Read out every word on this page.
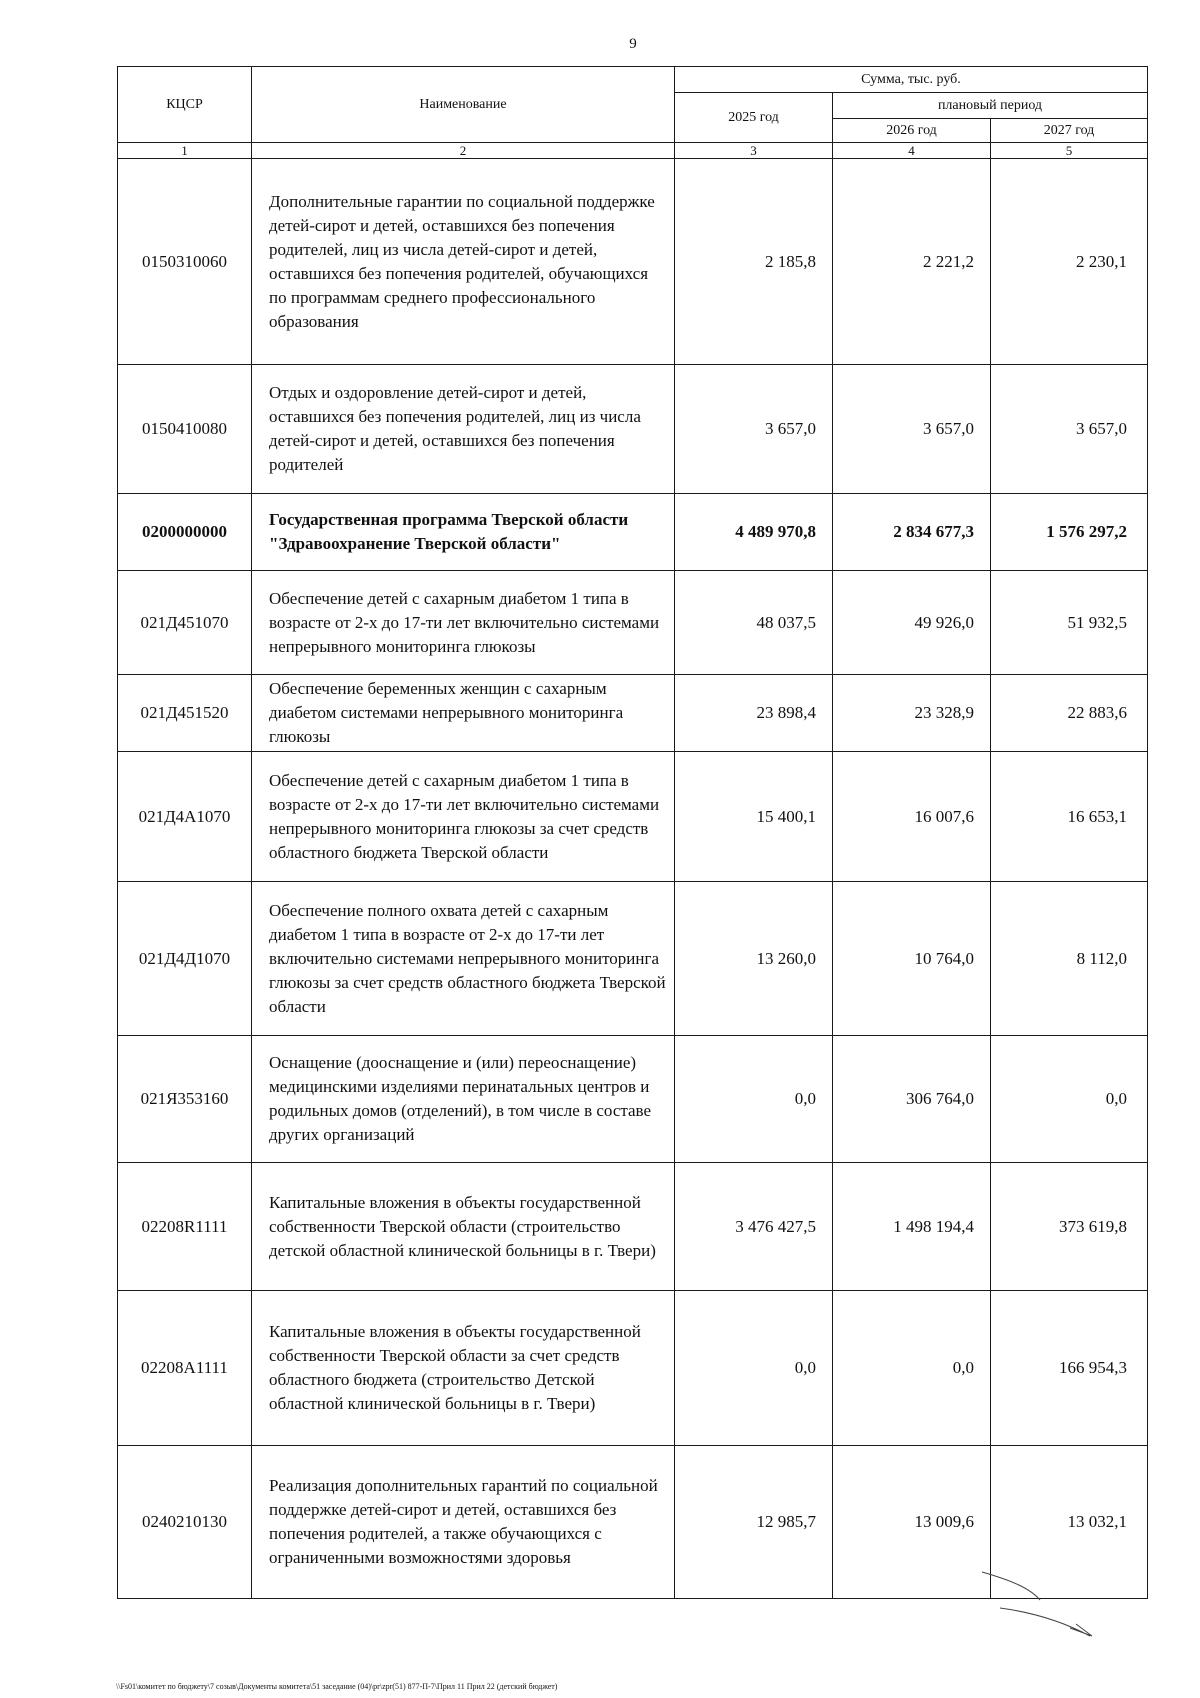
9
КЦСР	Наименование	Сумма, тыс. руб.		
		2025 год	плановый период	
			2026 год	2027 год
1	2	3	4	5
0150310060	Дополнительные гарантии по социальной поддержке детей-сирот и детей, оставшихся без попечения родителей, лиц из числа детей-сирот и детей, оставшихся без попечения родителей, обучающихся по программам среднего профессионального образования	2 185,8	2 221,2	2 230,1
0150410080	Отдых и оздоровление детей-сирот и детей, оставшихся без попечения родителей, лиц из числа детей-сирот и детей, оставшихся без попечения родителей	3 657,0	3 657,0	3 657,0
0200000000	Государственная программа Тверской области "Здравоохранение Тверской области"	4 489 970,8	2 834 677,3	1 576 297,2
021Д451070	Обеспечение детей с сахарным диабетом 1 типа в возрасте от 2-х до 17-ти лет включительно системами непрерывного мониторинга глюкозы	48 037,5	49 926,0	51 932,5
021Д451520	Обеспечение беременных женщин с сахарным диабетом системами непрерывного мониторинга глюкозы	23 898,4	23 328,9	22 883,6
021Д4А1070	Обеспечение детей с сахарным диабетом 1 типа в возрасте от 2-х до 17-ти лет включительно системами непрерывного мониторинга глюкозы за счет средств областного бюджета Тверской области	15 400,1	16 007,6	16 653,1
021Д4Д1070	Обеспечение полного охвата детей с сахарным диабетом 1 типа в возрасте от 2-х до 17-ти лет включительно системами непрерывного мониторинга глюкозы за счет средств областного бюджета Тверской области	13 260,0	10 764,0	8 112,0
021Я353160	Оснащение (дооснащение и (или) переоснащение) медицинскими изделиями перинатальных центров и родильных домов (отделений), в том числе в составе других организаций	0,0	306 764,0	0,0
02208R1111	Капитальные вложения в объекты государственной собственности Тверской области (строительство детской областной клинической больницы в г. Твери)	3 476 427,5	1 498 194,4	373 619,8
02208А1111	Капитальные вложения в объекты государственной собственности Тверской области за счет средств областного бюджета (строительство Детской областной клинической больницы в г. Твери)	0,0	0,0	166 954,3
0240210130	Реализация дополнительных гарантий по социальной поддержке детей-сирот и детей, оставшихся без попечения родителей, а также обучающихся с ограниченными возможностями здоровья	12 985,7	13 009,6	13 032,1
\\Fs01\комитет по бюджету\7 созыв\Документы комитета\51 заседание (04)\pr\zpr(51) 877-П-7\Прил 11 Прил 22 (детский бюджет)
